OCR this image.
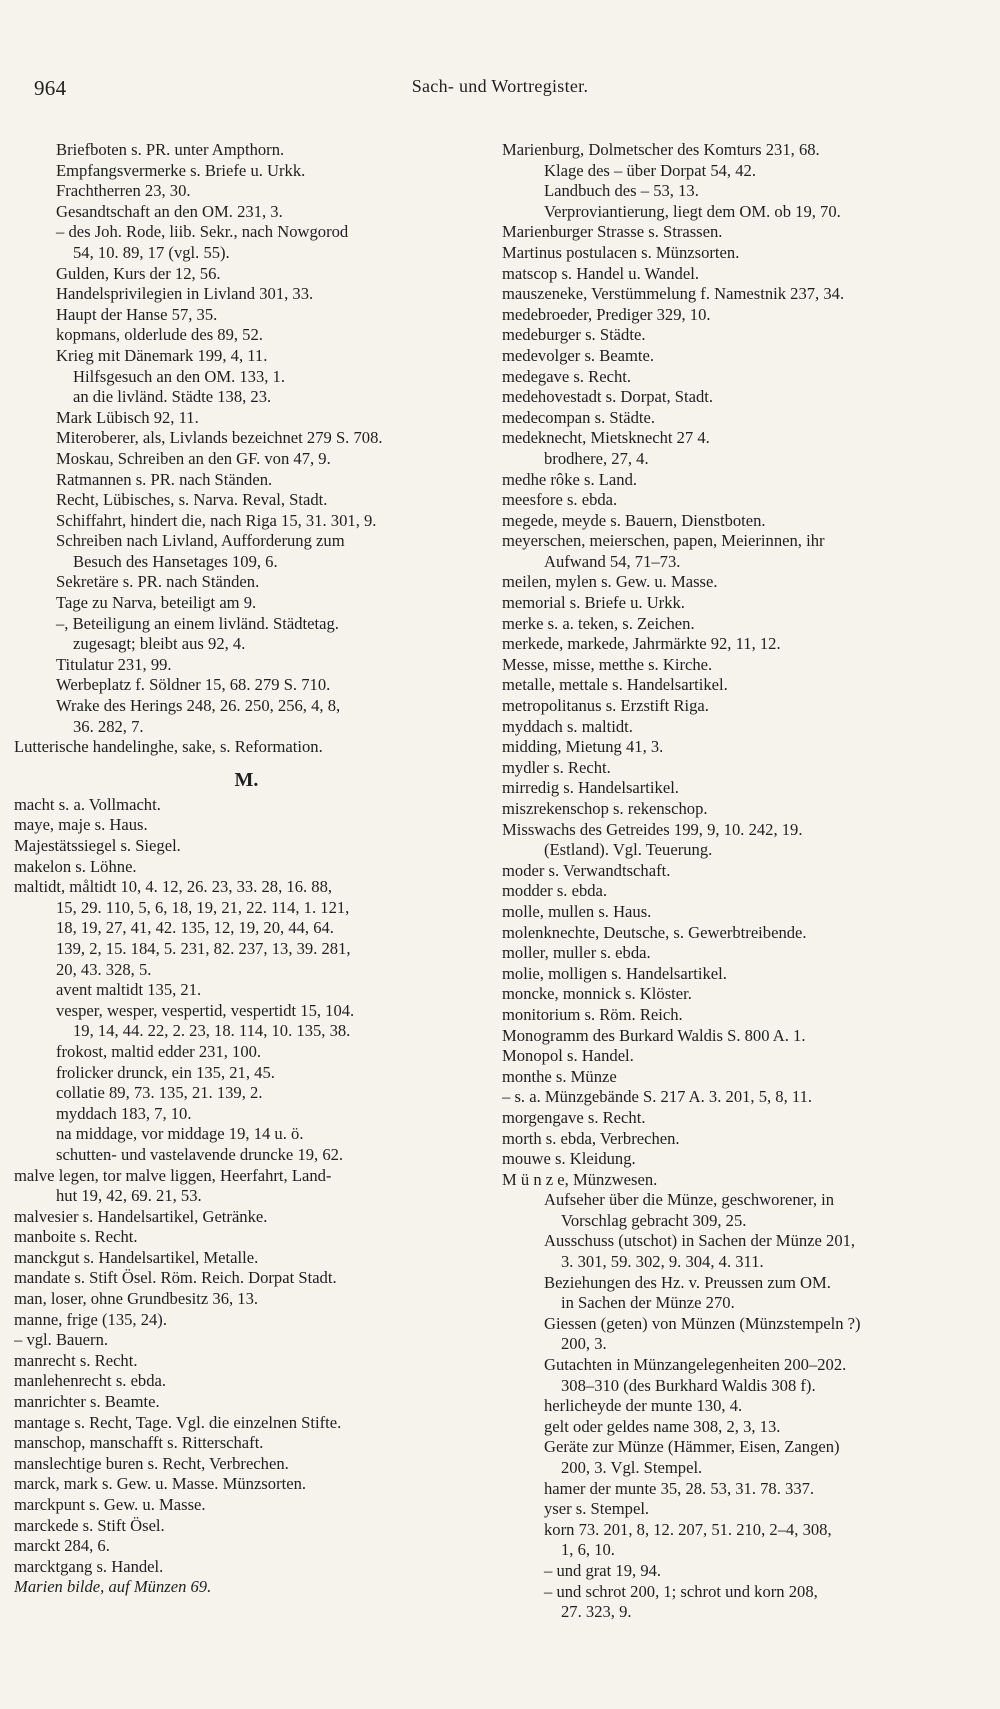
964	Sach- und Wortregister.
Briefboten s. PR. unter Ampthorn.
Empfangsvermerke s. Briefe u. Urkk.
Frachtherren 23, 30.
Gesandtschaft an den OM. 231, 3.
– des Joh. Rode, liib. Sekr., nach Nowgorod
54, 10. 89, 17 (vgl. 55).
Gulden, Kurs der 12, 56.
Handelsprivilegien in Livland 301, 33.
Haupt der Hanse 57, 35.
kopmans, olderlude des 89, 52.
Krieg mit Dänemark 199, 4, 11.
Hilfsgesuch an den OM. 133, 1.
an die livländ. Städte 138, 23.
Mark Lübisch 92, 11.
Miteroberer, als, Livlands bezeichnet 279 S. 708.
Moskau, Schreiben an den GF. von 47, 9.
Ratmannen s. PR. nach Ständen.
Recht, Lübisches, s. Narva. Reval, Stadt.
Schiffahrt, hindert die, nach Riga 15, 31. 301, 9.
Schreiben nach Livland, Aufforderung zum
Besuch des Hansetages 109, 6.
Sekretäre s. PR. nach Ständen.
Tage zu Narva, beteiligt am 9.
–, Beteiligung an einem livländ. Städtetag.
zugesagt; bleibt aus 92, 4.
Titulatur 231, 99.
Werbeplatz f. Söldner 15, 68. 279 S. 710.
Wrake des Herings 248, 26. 250, 256, 4, 8,
36. 282, 7.
Lutterische handelinghe, sake, s. Reformation.
M.
macht s. a. Vollmacht.
maye, maje s. Haus.
Majestätssiegel s. Siegel.
makelon s. Löhne.
maltidt, måltidt 10, 4. 12, 26. 23, 33. 28, 16. 88,
15, 29. 110, 5, 6, 18, 19, 21, 22. 114, 1. 121,
18, 19, 27, 41, 42. 135, 12, 19, 20, 44, 64.
139, 2, 15. 184, 5. 231, 82. 237, 13, 39. 281,
20, 43. 328, 5.
avent maltidt 135, 21.
vesper, wesper, vespertid, vespertidt 15, 104.
19, 14, 44. 22, 2. 23, 18. 114, 10. 135, 38.
frokost, maltid edder 231, 100.
frolicker drunck, ein 135, 21, 45.
collatie 89, 73. 135, 21. 139, 2.
myddach 183, 7, 10.
na middage, vor middage 19, 14 u. ö.
schutten- und vastelavende druncke 19, 62.
malve legen, tor malve liggen, Heerfahrt, Land-
hut 19, 42, 69. 21, 53.
malvesier s. Handelsartikel, Getränke.
manboite s. Recht.
manckgut s. Handelsartikel, Metalle.
mandate s. Stift Ösel. Röm. Reich. Dorpat Stadt.
man, loser, ohne Grundbesitz 36, 13.
manne, frige (135, 24).
– vgl. Bauern.
manrecht s. Recht.
manlehenrecht s. ebda.
manrichter s. Beamte.
mantage s. Recht, Tage. Vgl. die einzelnen Stifte.
manschop, manschafft s. Ritterschaft.
manslechtige buren s. Recht, Verbrechen.
marck, mark s. Gew. u. Masse. Münzsorten.
marckpunt s. Gew. u. Masse.
marckede s. Stift Ösel.
marckt 284, 6.
marcktgang s. Handel.
Marien bilde, auf Münzen 69.
Marienburg, Dolmetscher des Komturs 231, 68.
Klage des – über Dorpat 54, 42.
Landbuch des – 53, 13.
Verproviantierung, liegt dem OM. ob 19, 70.
Marienburger Strasse s. Strassen.
Martinus postulacen s. Münzsorten.
matscop s. Handel u. Wandel.
mauszeneke, Verstümmelung f. Namestnik 237, 34.
medebroeder, Prediger 329, 10.
medeburger s. Städte.
medevolger s. Beamte.
medegave s. Recht.
medehovestadt s. Dorpat, Stadt.
medecompan s. Städte.
medeknecht, Mietsknecht 27 4.
brodhere, 27, 4.
medhe rôke s. Land.
meesfore s. ebda.
megede, meyde s. Bauern, Dienstboten.
meyerschen, meierschen, papen, Meierinnen, ihr
Aufwand 54, 71–73.
meilen, mylen s. Gew. u. Masse.
memorial s. Briefe u. Urkk.
merke s. a. teken, s. Zeichen.
merkede, markede, Jahrmärkte 92, 11, 12.
Messe, misse, metthe s. Kirche.
metalle, mettale s. Handelsartikel.
metropolitanus s. Erzstift Riga.
myddach s. maltidt.
midding, Mietung 41, 3.
mydler s. Recht.
mirredig s. Handelsartikel.
miszrekenschop s. rekenschop.
Misswachs des Getreides 199, 9, 10. 242, 19.
(Estland). Vgl. Teuerung.
moder s. Verwandtschaft.
modder s. ebda.
molle, mullen s. Haus.
molenknechte, Deutsche, s. Gewerbtreibende.
moller, muller s. ebda.
molie, molligen s. Handelsartikel.
moncke, monnick s. Klöster.
monitorium s. Röm. Reich.
Monogramm des Burkard Waldis S. 800 A. 1.
Monopol s. Handel.
monthe s. Münze
– s. a. Münzgebände S. 217 A. 3. 201, 5, 8, 11.
morgengave s. Recht.
morth s. ebda, Verbrechen.
mouwe s. Kleidung.
M ü n z e, Münzwesen.
Aufseher über die Münze, geschworener, in
Vorschlag gebracht 309, 25.
Ausschuss (utschot) in Sachen der Münze 201,
3. 301, 59. 302, 9. 304, 4. 311.
Beziehungen des Hz. v. Preussen zum OM.
in Sachen der Münze 270.
Giessen (geten) von Münzen (Münzstempeln ?)
200, 3.
Gutachten in Münzangelegenheiten 200–202.
308–310 (des Burkhard Waldis 308 f).
herlicheyde der munte 130, 4.
gelt oder geldes name 308, 2, 3, 13.
Geräte zur Münze (Hämmer, Eisen, Zangen)
200, 3. Vgl. Stempel.
hamer der munte 35, 28. 53, 31. 78. 337.
yser s. Stempel.
korn 73. 201, 8, 12. 207, 51. 210, 2–4, 308,
1, 6, 10.
– und grat 19, 94.
– und schrot 200, 1; schrot und korn 208,
27. 323, 9.
